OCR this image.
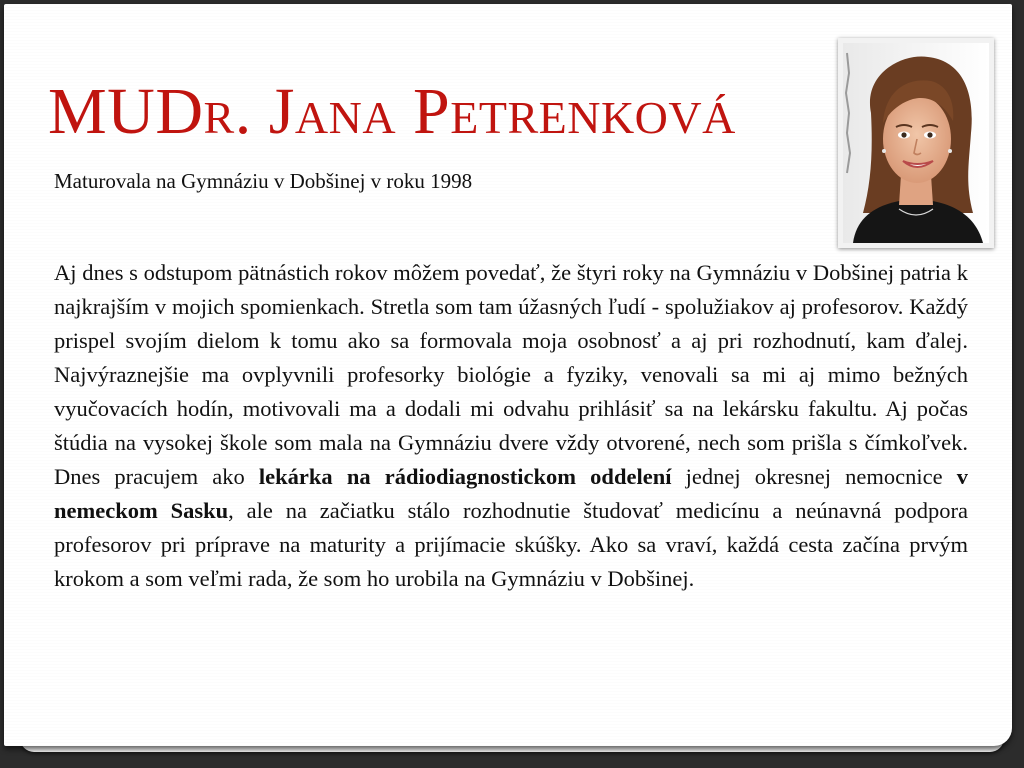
MUDr. Jana Petrenková
Maturovala na Gymnáziu v Dobšinej v roku 1998

Aj dnes s odstupom pätnástich rokov môžem povedať, že štyri roky na Gymnáziu v Dobšinej patria k najkrajším v mojich spomienkach. Stretla som tam úžasných ľudí - spolužiakov aj profesorov. Každý prispel svojím dielom k tomu ako sa formovala moja osobnosť a aj pri rozhodnutí, kam ďalej. Najvýraznejšie ma ovplyvnili profesorky biológie a fyziky, venovali sa mi aj mimo bežných vyučovacích hodín, motivovali ma a dodali mi odvahu prihlásiť sa na lekársku fakultu. Aj počas štúdia na vysokej škole som mala na Gymnáziu dvere vždy otvorené, nech som prišla s čímkoľvek. Dnes pracujem ako lekárka na rádiodiagnostickom oddelení jednej okresnej nemocnice v nemeckom Sasku, ale na začiatku stálo rozhodnutie študovať medicínu a neúnavná podpora profesorov pri príprave na maturity a prijímacie skúšky. Ako sa vraví, každá cesta začína prvým krokom a som veľmi rada, že som ho urobila na Gymnáziu v Dobšinej.
